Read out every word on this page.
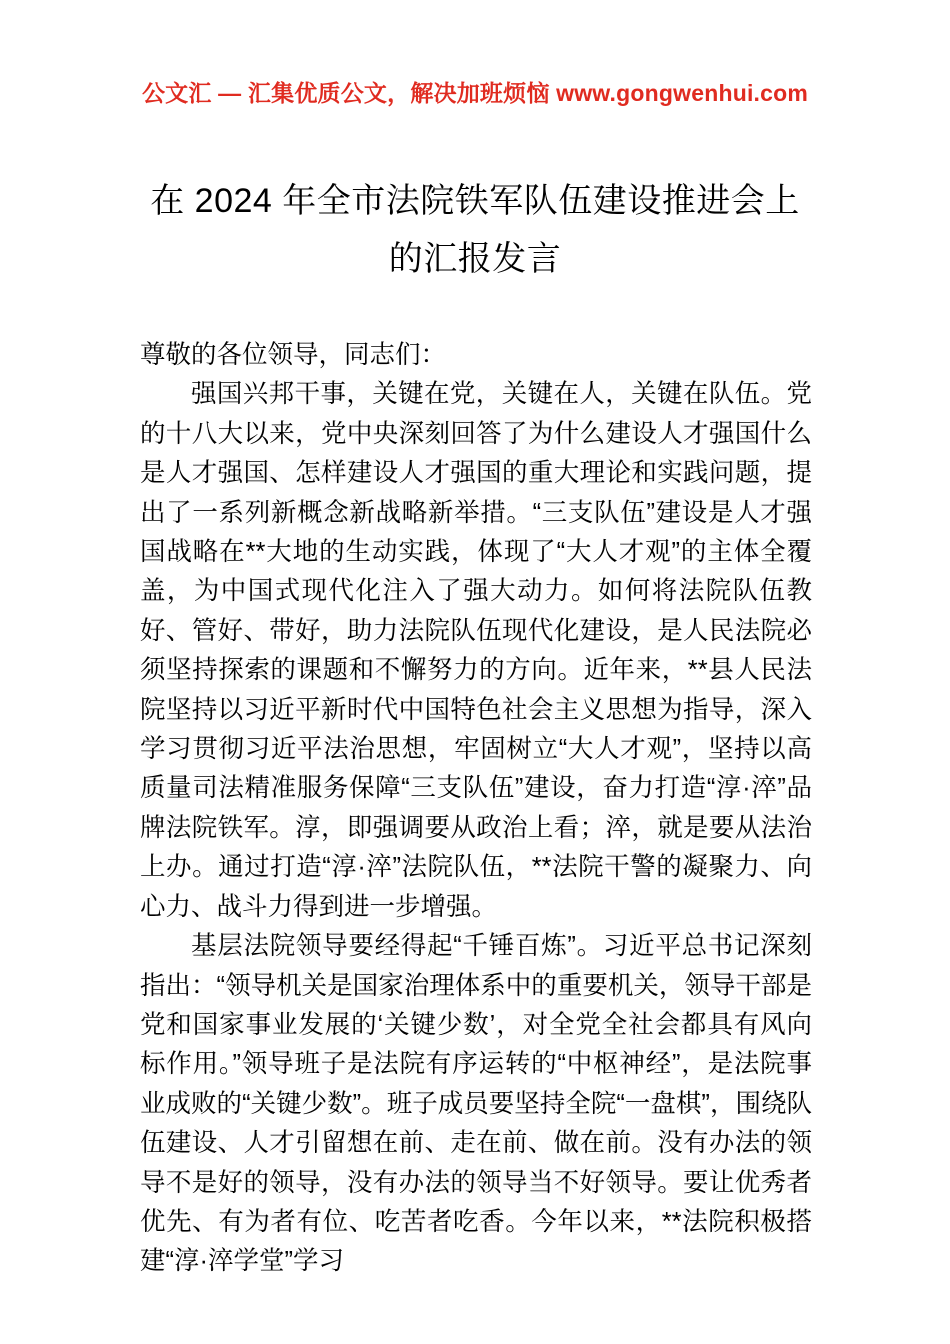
公文汇 — 汇集优质公文，解决加班烦恼 www.gongwenhui.com
在 2024 年全市法院铁军队伍建设推进会上
的汇报发言

尊敬的各位领导，同志们：

强国兴邦干事，关键在党，关键在人，关键在队伍。党的十八大以来，党中央深刻回答了为什么建设人才强国什么是人才强国、怎样建设人才强国的重大理论和实践问题，提出了一系列新概念新战略新举措。“三支队伍”建设是人才强国战略在**大地的生动实践，体现了“大人才观”的主体全覆盖，为中国式现代化注入了强大动力。如何将法院队伍教好、管好、带好，助力法院队伍现代化建设，是人民法院必须坚持探索的课题和不懈努力的方向。近年来，**县人民法院坚持以习近平新时代中国特色社会主义思想为指导，深入学习贯彻习近平法治思想，牢固树立“大人才观”，坚持以高质量司法精准服务保障“三支队伍”建设，奋力打造“淳·淬”品牌法院铁军。淳，即强调要从政治上看；淬，就是要从法治上办。通过打造“淳·淬”法院队伍，**法院干警的凝聚力、向心力、战斗力得到进一步增强。

基层法院领导要经得起“千锤百炼”。习近平总书记深刻指出：“领导机关是国家治理体系中的重要机关，领导干部是党和国家事业发展的‘关键少数’，对全党全社会都具有风向标作用。”领导班子是法院有序运转的“中枢神经”，是法院事业成败的“关键少数”。班子成员要坚持全院“一盘棋”，围绕队伍建设、人才引留想在前、走在前、做在前。没有办法的领导不是好的领导，没有办法的领导当不好领导。要让优秀者优先、有为者有位、吃苦者吃香。今年以来，**法院积极搭建“淳·淬学堂”学习
